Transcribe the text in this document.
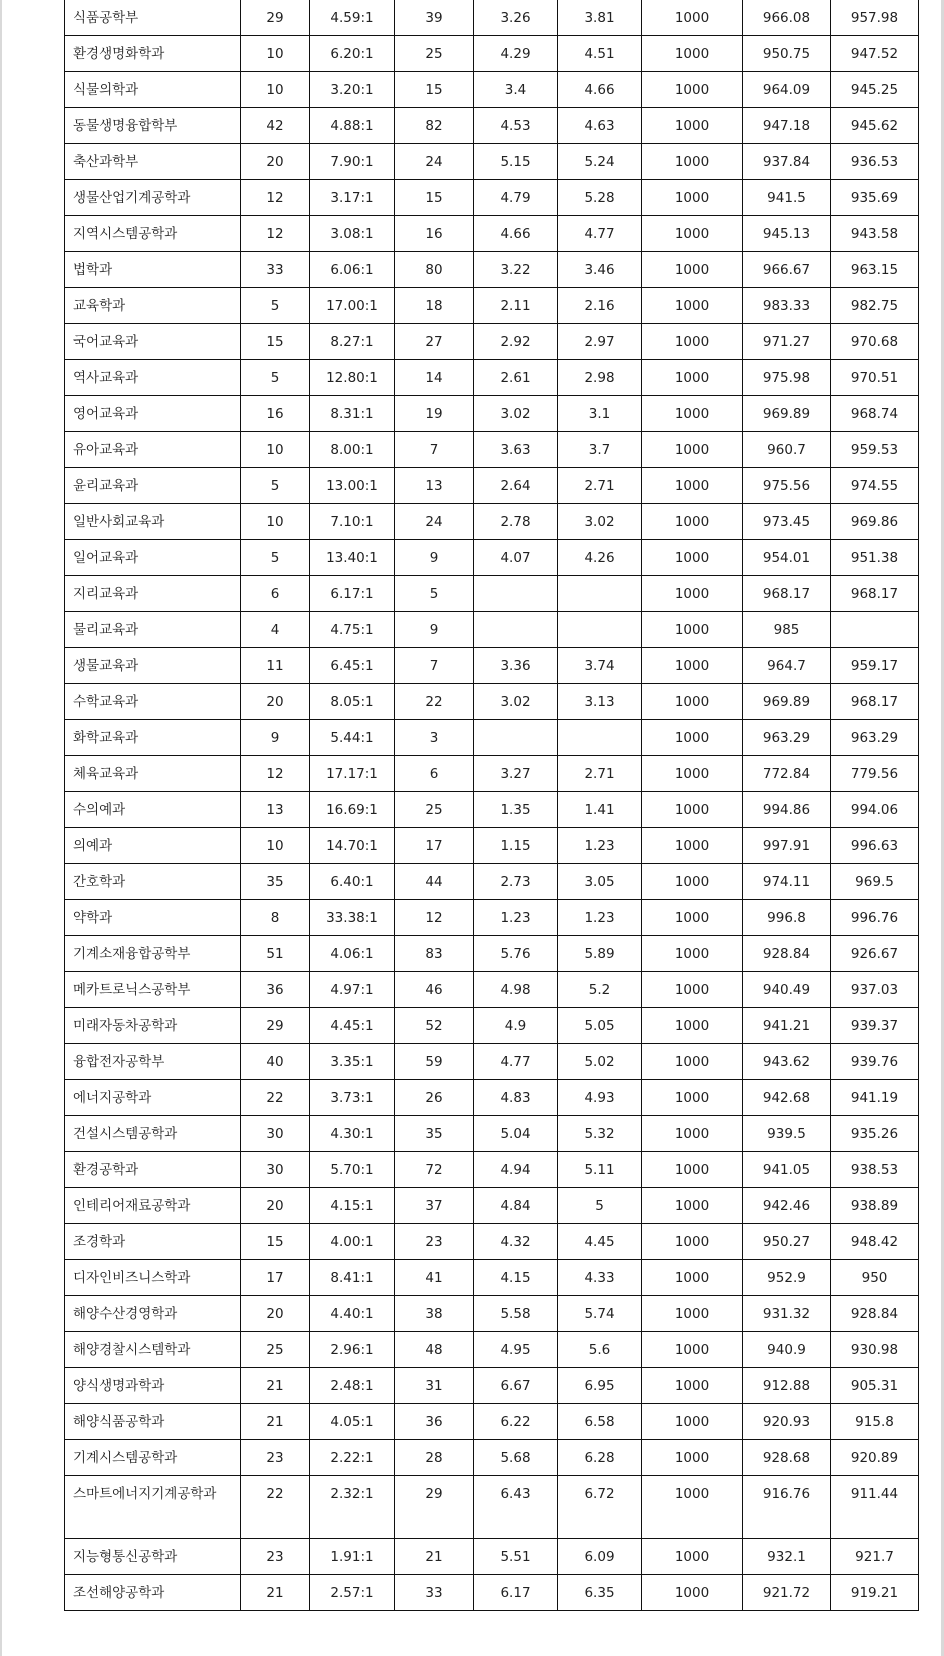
식품공학부	29	4.59:1	39	3.26	3.81	1000	966.08	957.98
환경생명화학과	10	6.20:1	25	4.29	4.51	1000	950.75	947.52
식물의학과	10	3.20:1	15	3.4	4.66	1000	964.09	945.25
동물생명융합학부	42	4.88:1	82	4.53	4.63	1000	947.18	945.62
축산과학부	20	7.90:1	24	5.15	5.24	1000	937.84	936.53
생물산업기계공학과	12	3.17:1	15	4.79	5.28	1000	941.5	935.69
지역시스템공학과	12	3.08:1	16	4.66	4.77	1000	945.13	943.58
법학과	33	6.06:1	80	3.22	3.46	1000	966.67	963.15
교육학과	5	17.00:1	18	2.11	2.16	1000	983.33	982.75
국어교육과	15	8.27:1	27	2.92	2.97	1000	971.27	970.68
역사교육과	5	12.80:1	14	2.61	2.98	1000	975.98	970.51
영어교육과	16	8.31:1	19	3.02	3.1	1000	969.89	968.74
유아교육과	10	8.00:1	7	3.63	3.7	1000	960.7	959.53
윤리교육과	5	13.00:1	13	2.64	2.71	1000	975.56	974.55
일반사회교육과	10	7.10:1	24	2.78	3.02	1000	973.45	969.86
일어교육과	5	13.40:1	9	4.07	4.26	1000	954.01	951.38
지리교육과	6	6.17:1	5			1000	968.17	968.17
물리교육과	4	4.75:1	9			1000	985	
생물교육과	11	6.45:1	7	3.36	3.74	1000	964.7	959.17
수학교육과	20	8.05:1	22	3.02	3.13	1000	969.89	968.17
화학교육과	9	5.44:1	3			1000	963.29	963.29
체육교육과	12	17.17:1	6	3.27	2.71	1000	772.84	779.56
수의예과	13	16.69:1	25	1.35	1.41	1000	994.86	994.06
의예과	10	14.70:1	17	1.15	1.23	1000	997.91	996.63
간호학과	35	6.40:1	44	2.73	3.05	1000	974.11	969.5
약학과	8	33.38:1	12	1.23	1.23	1000	996.8	996.76
기계소재융합공학부	51	4.06:1	83	5.76	5.89	1000	928.84	926.67
메카트로닉스공학부	36	4.97:1	46	4.98	5.2	1000	940.49	937.03
미래자동차공학과	29	4.45:1	52	4.9	5.05	1000	941.21	939.37
융합전자공학부	40	3.35:1	59	4.77	5.02	1000	943.62	939.76
에너지공학과	22	3.73:1	26	4.83	4.93	1000	942.68	941.19
건설시스템공학과	30	4.30:1	35	5.04	5.32	1000	939.5	935.26
환경공학과	30	5.70:1	72	4.94	5.11	1000	941.05	938.53
인테리어재료공학과	20	4.15:1	37	4.84	5	1000	942.46	938.89
조경학과	15	4.00:1	23	4.32	4.45	1000	950.27	948.42
디자인비즈니스학과	17	8.41:1	41	4.15	4.33	1000	952.9	950
해양수산경영학과	20	4.40:1	38	5.58	5.74	1000	931.32	928.84
해양경찰시스템학과	25	2.96:1	48	4.95	5.6	1000	940.9	930.98
양식생명과학과	21	2.48:1	31	6.67	6.95	1000	912.88	905.31
해양식품공학과	21	4.05:1	36	6.22	6.58	1000	920.93	915.8
기계시스템공학과	23	2.22:1	28	5.68	6.28	1000	928.68	920.89
스마트에너지기계공학과	22	2.32:1	29	6.43	6.72	1000	916.76	911.44
지능형통신공학과	23	1.91:1	21	5.51	6.09	1000	932.1	921.7
조선해양공학과	21	2.57:1	33	6.17	6.35	1000	921.72	919.21
